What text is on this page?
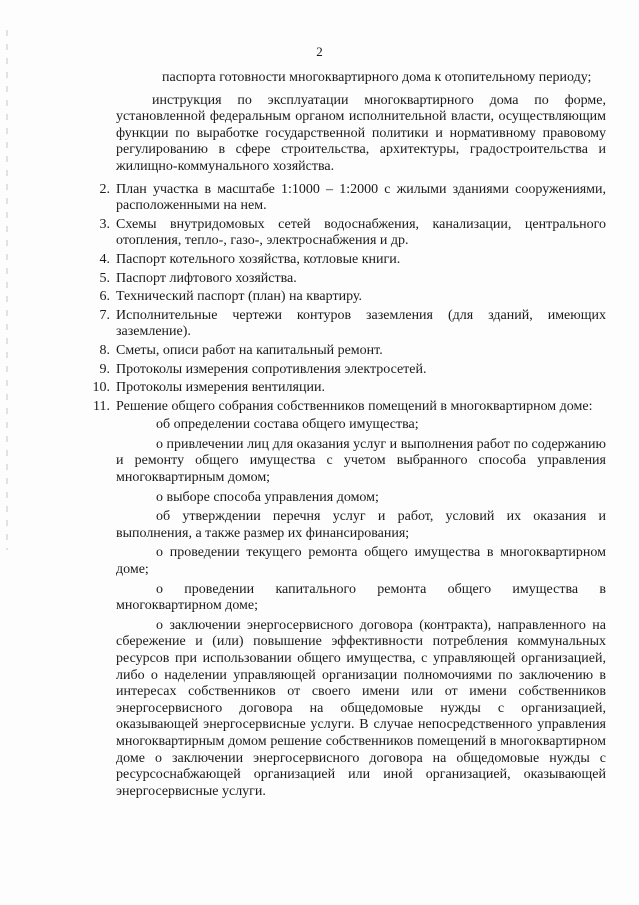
2

паспорта готовности многоквартирного дома к отопительному периоду;

инструкция по эксплуатации многоквартирного дома по форме, установленной федеральным органом исполнительной власти, осуществляющим функции по выработке государственной политики и нормативному правовому регулированию в сфере строительства, архитектуры, градостроительства и жилищно-коммунального хозяйства.

2. План участка в масштабе 1:1000 – 1:2000 с жилыми зданиями сооружениями, расположенными на нем.
3. Схемы внутридомовых сетей водоснабжения, канализации, центрального отопления, тепло-, газо-, электроснабжения и др.
4. Паспорт котельного хозяйства, котловые книги.
5. Паспорт лифтового хозяйства.
6. Технический паспорт (план) на квартиру.
7. Исполнительные чертежи контуров заземления (для зданий, имеющих заземление).
8. Сметы, описи работ на капитальный ремонт.
9. Протоколы измерения сопротивления электросетей.
10. Протоколы измерения вентиляции.
11. Решение общего собрания собственников помещений в многоквартирном доме:

об определении состава общего имущества;

о привлечении лиц для оказания услуг и выполнения работ по содержанию и ремонту общего имущества с учетом выбранного способа управления многоквартирным домом;

о выборе способа управления домом;

об утверждении перечня услуг и работ, условий их оказания и выполнения, а также размер их финансирования;

о проведении текущего ремонта общего имущества в многоквартирном доме;

о проведении капитального ремонта общего имущества в многоквартирном доме;

о заключении энергосервисного договора (контракта), направленного на сбережение и (или) повышение эффективности потребления коммунальных ресурсов при использовании общего имущества, с управляющей организацией, либо о наделении управляющей организации полномочиями по заключению в интересах собственников от своего имени или от имени собственников энергосервисного договора на общедомовые нужды с организацией, оказывающей энергосервисные услуги. В случае непосредственного управления многоквартирным домом решение собственников помещений в многоквартирном доме о заключении энергосервисного договора на общедомовые нужды с ресурсоснабжающей организацией или иной организацией, оказывающей энергосервисные услуги.
